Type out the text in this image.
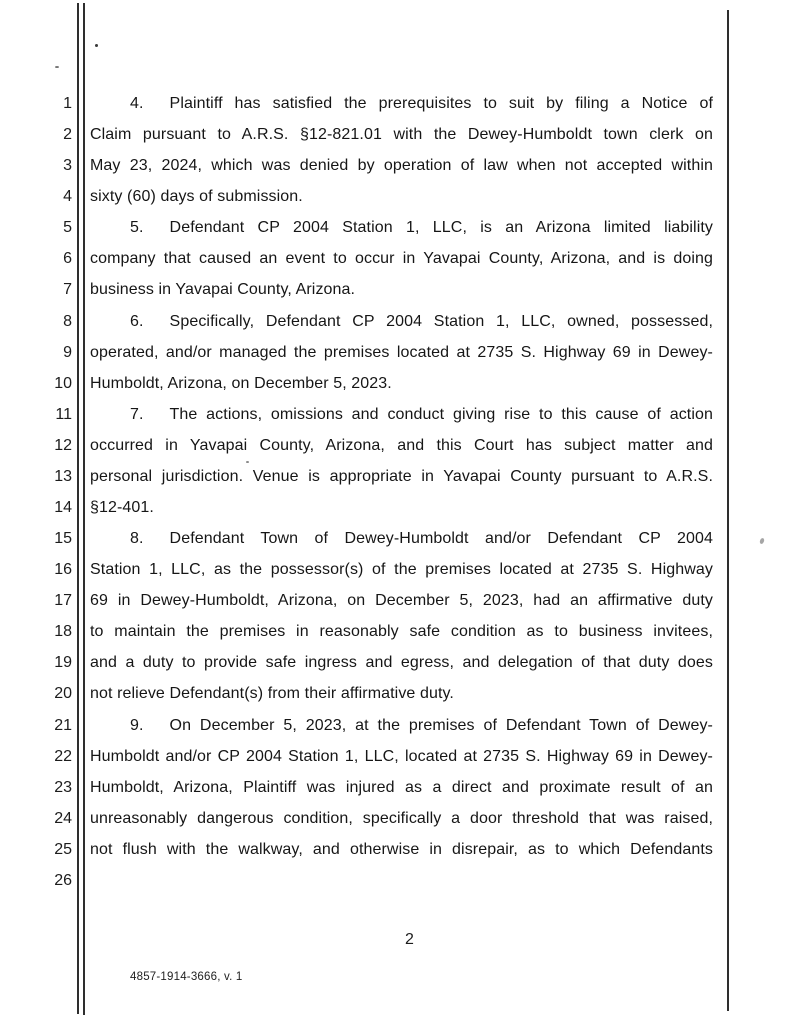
1
2
3
4
5
6
7
8
9
10
11
12
13
14
15
16
17
18
19
20
21
22
23
24
25
26
4. Plaintiff has satisfied the prerequisites to suit by filing a Notice of
Claim pursuant to A.R.S. §12-821.01 with the Dewey-Humboldt town clerk on
May 23, 2024, which was denied by operation of law when not accepted within
sixty (60) days of submission.
5. Defendant CP 2004 Station 1, LLC, is an Arizona limited liability
company that caused an event to occur in Yavapai County, Arizona, and is doing
business in Yavapai County, Arizona.
6. Specifically, Defendant CP 2004 Station 1, LLC, owned, possessed,
operated, and/or managed the premises located at 2735 S. Highway 69 in Dewey-
Humboldt, Arizona, on December 5, 2023.
7. The actions, omissions and conduct giving rise to this cause of action
occurred in Yavapai County, Arizona, and this Court has subject matter and
personal jurisdiction. Venue is appropriate in Yavapai County pursuant to A.R.S.
§12-401.
8. Defendant Town of Dewey-Humboldt and/or Defendant CP 2004
Station 1, LLC, as the possessor(s) of the premises located at 2735 S. Highway
69 in Dewey-Humboldt, Arizona, on December 5, 2023, had an affirmative duty
to maintain the premises in reasonably safe condition as to business invitees,
and a duty to provide safe ingress and egress, and delegation of that duty does
not relieve Defendant(s) from their affirmative duty.
9. On December 5, 2023, at the premises of Defendant Town of Dewey-
Humboldt and/or CP 2004 Station 1, LLC, located at 2735 S. Highway 69 in Dewey-
Humboldt, Arizona, Plaintiff was injured as a direct and proximate result of an
unreasonably dangerous condition, specifically a door threshold that was raised,
not flush with the walkway, and otherwise in disrepair, as to which Defendants
2
4857-1914-3666, v. 1
